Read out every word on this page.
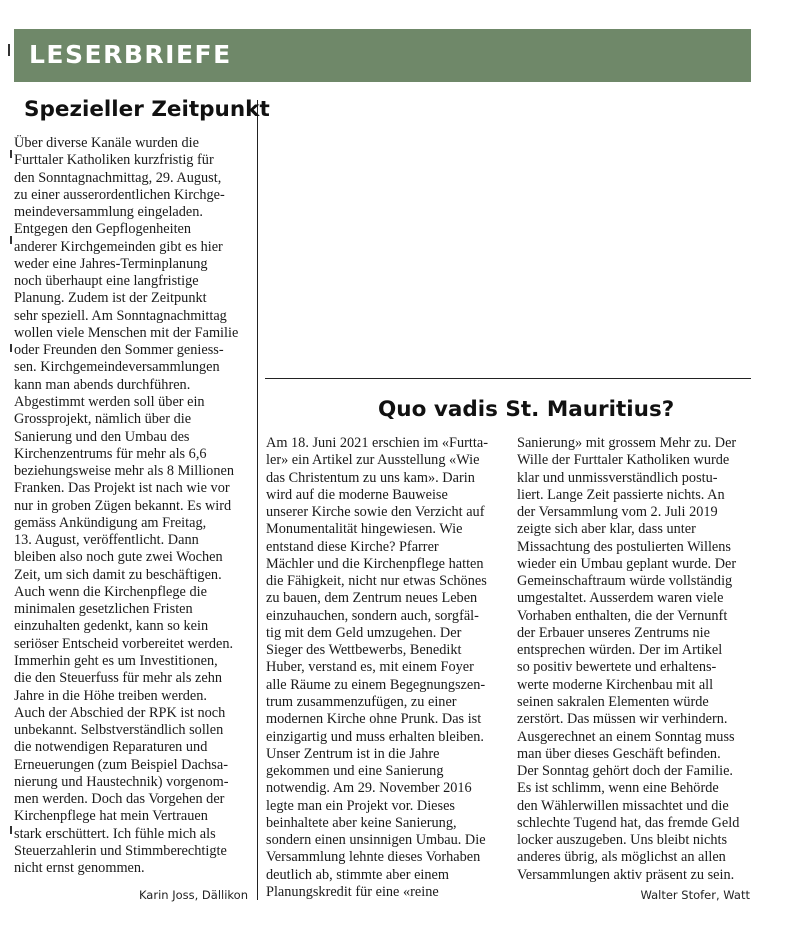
LESERBRIEFE
Spezieller Zeitpunkt
Über diverse Kanäle wurden die
Furttaler Katholiken kurzfristig für
den Sonntagnachmittag, 29. August,
zu einer ausserordentlichen Kirchge-
meindeversammlung eingeladen.
Entgegen den Gepflogenheiten
anderer Kirchgemeinden gibt es hier
weder eine Jahres-Terminplanung
noch überhaupt eine langfristige
Planung. Zudem ist der Zeitpunkt
sehr speziell. Am Sonntagnachmittag
wollen viele Menschen mit der Familie
oder Freunden den Sommer geniess-
sen. Kirchgemeindeversammlungen
kann man abends durchführen.
Abgestimmt werden soll über ein
Grossprojekt, nämlich über die
Sanierung und den Umbau des
Kirchenzentrums für mehr als 6,6
beziehungsweise mehr als 8 Millionen
Franken. Das Projekt ist nach wie vor
nur in groben Zügen bekannt. Es wird
gemäss Ankündigung am Freitag,
13. August, veröffentlicht. Dann
bleiben also noch gute zwei Wochen
Zeit, um sich damit zu beschäftigen.
Auch wenn die Kirchenpflege die
minimalen gesetzlichen Fristen
einzuhalten gedenkt, kann so kein
seriöser Entscheid vorbereitet werden.
Immerhin geht es um Investitionen,
die den Steuerfuss für mehr als zehn
Jahre in die Höhe treiben werden.
Auch der Abschied der RPK ist noch
unbekannt. Selbstverständlich sollen
die notwendigen Reparaturen und
Erneuerungen (zum Beispiel Dachsa-
nierung und Haustechnik) vorgenom-
men werden. Doch das Vorgehen der
Kirchenpflege hat mein Vertrauen
stark erschüttert. Ich fühle mich als
Steuerzahlerin und Stimmberechtigte
nicht ernst genommen.
Karin Joss, Dällikon
Quo vadis St. Mauritius?
Am 18. Juni 2021 erschien im «Furtta-
ler» ein Artikel zur Ausstellung «Wie
das Christentum zu uns kam». Darin
wird auf die moderne Bauweise
unserer Kirche sowie den Verzicht auf
Monumentalität hingewiesen. Wie
entstand diese Kirche? Pfarrer
Mächler und die Kirchenpflege hatten
die Fähigkeit, nicht nur etwas Schönes
zu bauen, dem Zentrum neues Leben
einzuhauchen, sondern auch, sorgfäl-
tig mit dem Geld umzugehen. Der
Sieger des Wettbewerbs, Benedikt
Huber, verstand es, mit einem Foyer
alle Räume zu einem Begegnungszen-
trum zusammenzufügen, zu einer
modernen Kirche ohne Prunk. Das ist
einzigartig und muss erhalten bleiben.
Unser Zentrum ist in die Jahre
gekommen und eine Sanierung
notwendig. Am 29. November 2016
legte man ein Projekt vor. Dieses
beinhaltete aber keine Sanierung,
sondern einen unsinnigen Umbau. Die
Versammlung lehnte dieses Vorhaben
deutlich ab, stimmte aber einem
Planungskredit für eine «reine
Sanierung» mit grossem Mehr zu. Der
Wille der Furttaler Katholiken wurde
klar und unmissverständlich postu-
liert. Lange Zeit passierte nichts. An
der Versammlung vom 2. Juli 2019
zeigte sich aber klar, dass unter
Missachtung des postulierten Willens
wieder ein Umbau geplant wurde. Der
Gemeinschaftraum würde vollständig
umgestaltet. Ausserdem waren viele
Vorhaben enthalten, die der Vernunft
der Erbauer unseres Zentrums nie
entsprechen würden. Der im Artikel
so positiv bewertete und erhaltens-
werte moderne Kirchenbau mit all
seinen sakralen Elementen würde
zerstört. Das müssen wir verhindern.
Ausgerechnet an einem Sonntag muss
man über dieses Geschäft befinden.
Der Sonntag gehört doch der Familie.
Es ist schlimm, wenn eine Behörde
den Wählerwillen missachtet und die
schlechte Tugend hat, das fremde Geld
locker auszugeben. Uns bleibt nichts
anderes übrig, als möglichst an allen
Versammlungen aktiv präsent zu sein.
Walter Stofer, Watt
